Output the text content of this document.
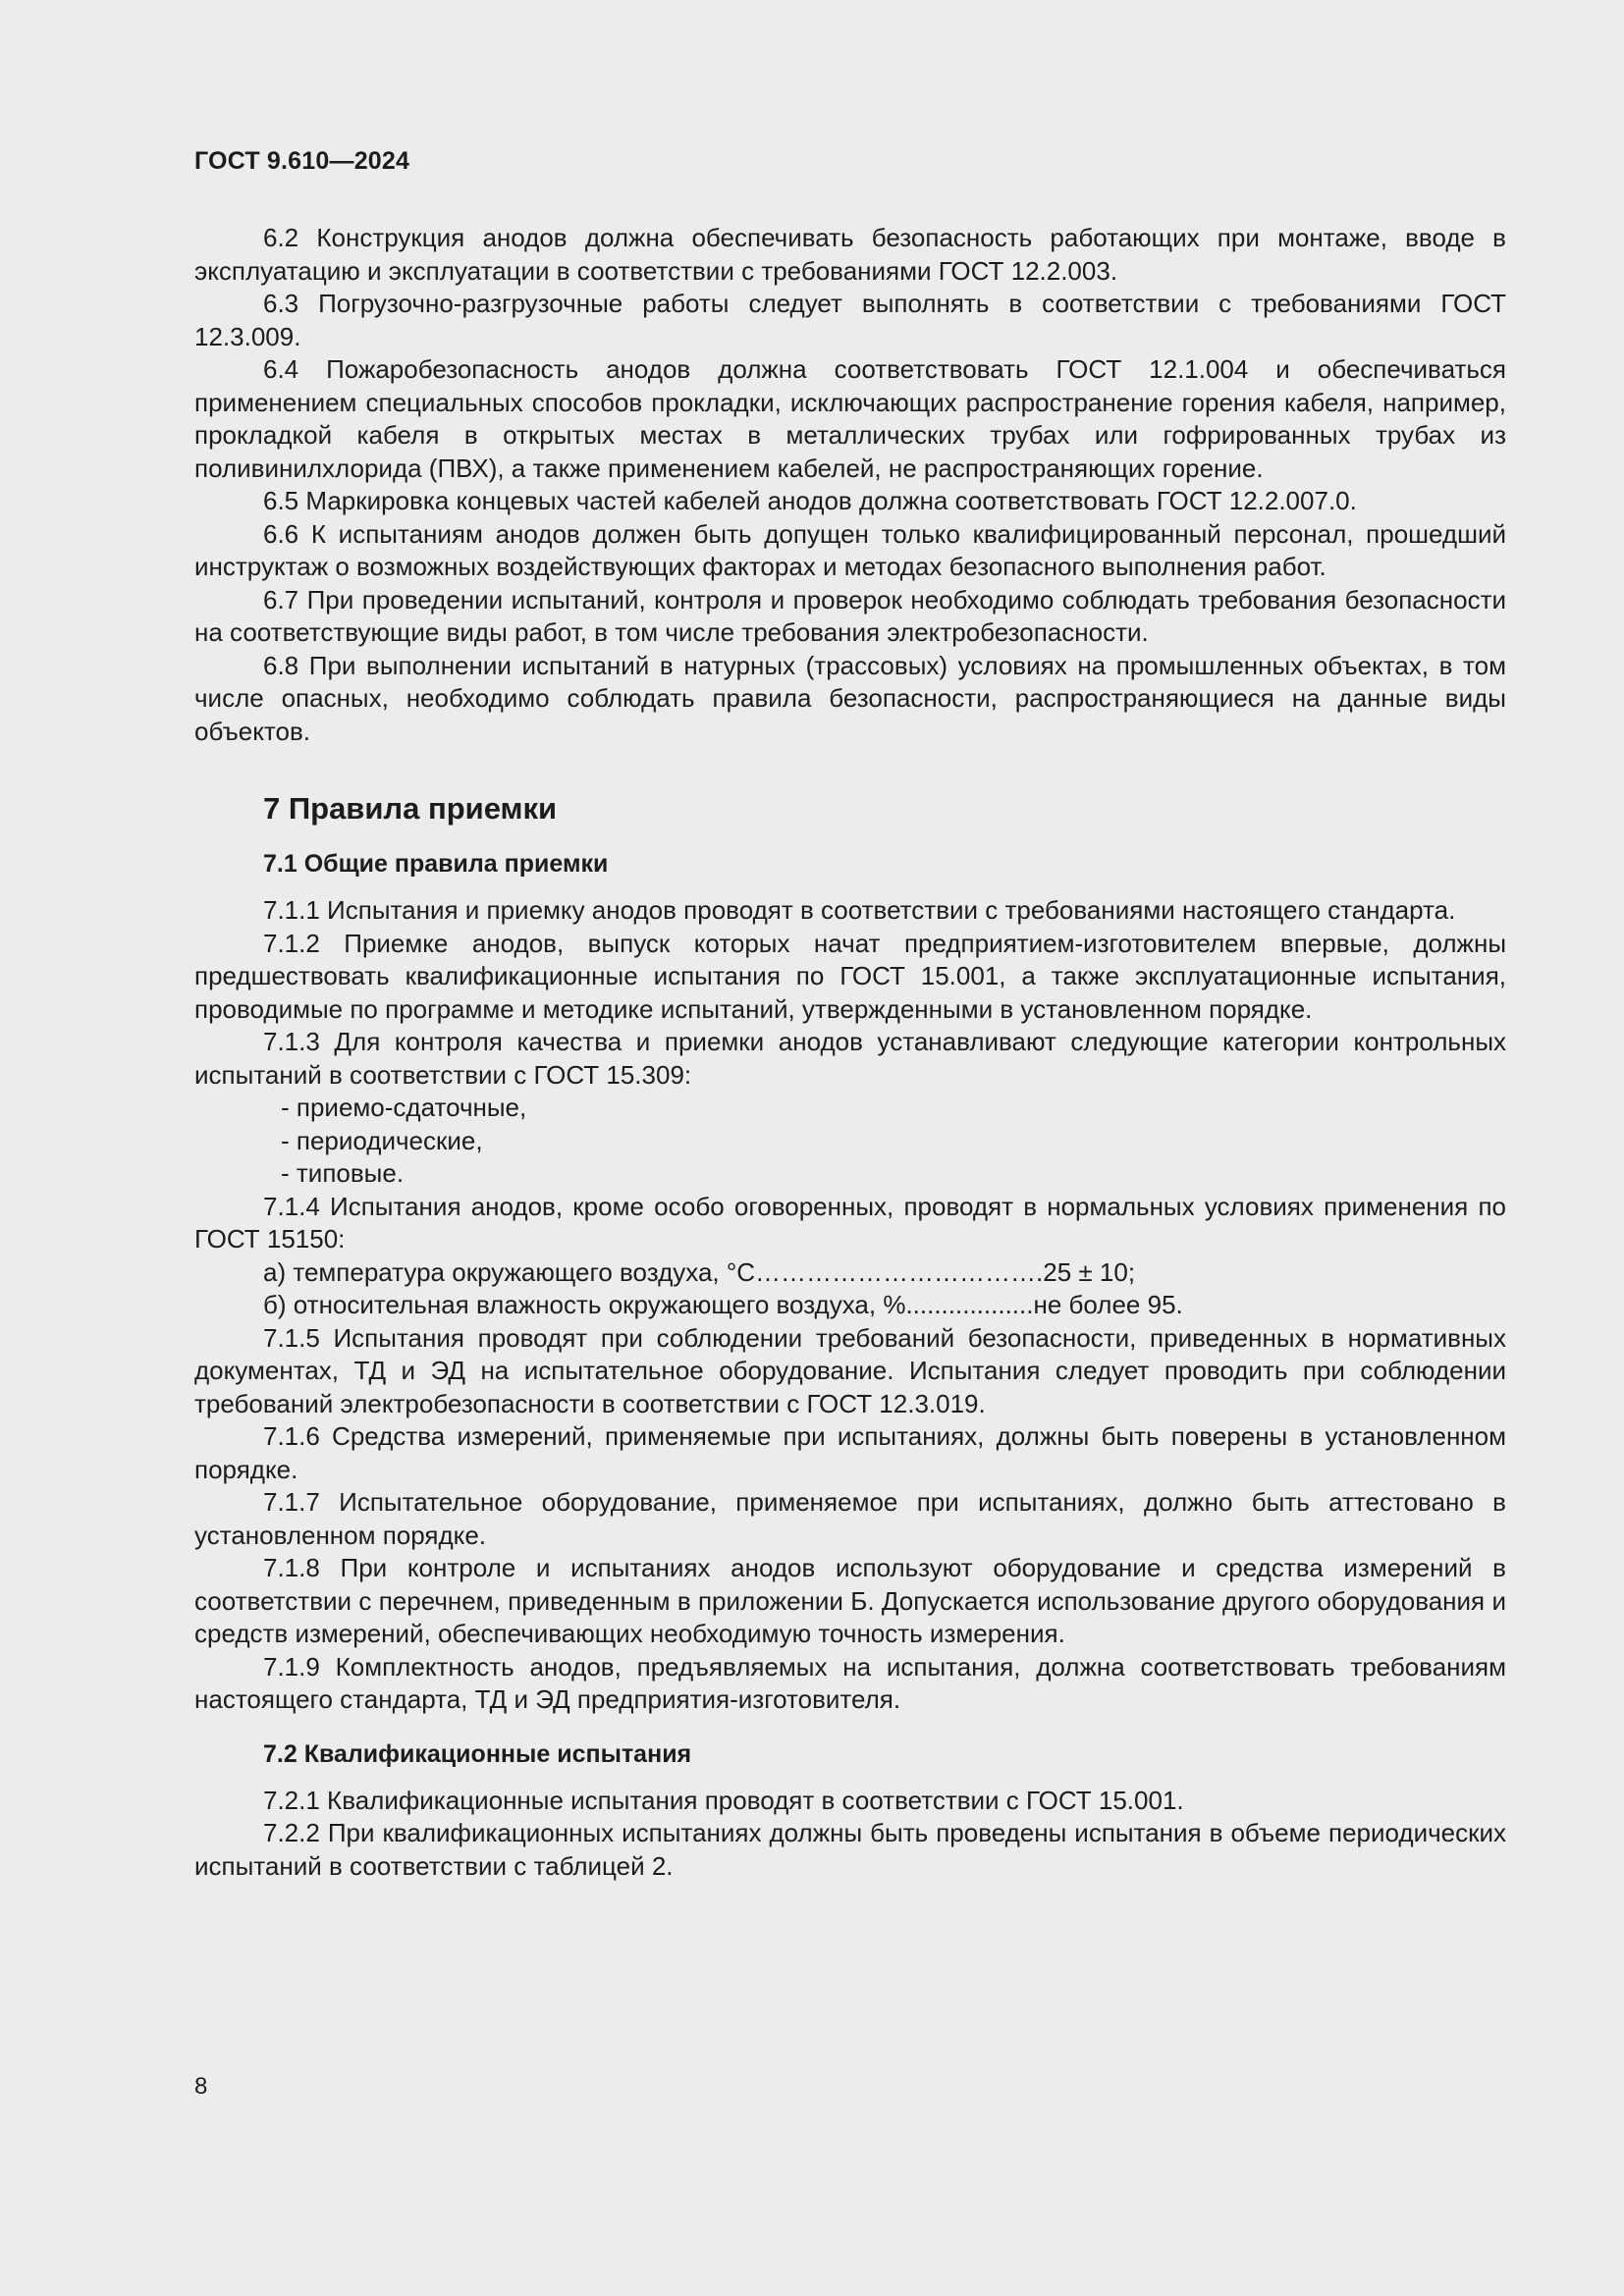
ГОСТ 9.610—2024

6.2 Конструкция анодов должна обеспечивать безопасность работающих при монтаже, вводе в эксплуатацию и эксплуатации в соответствии с требованиями ГОСТ 12.2.003.

6.3 Погрузочно-разгрузочные работы следует выполнять в соответствии с требованиями ГОСТ 12.3.009.

6.4 Пожаробезопасность анодов должна соответствовать ГОСТ 12.1.004 и обеспечиваться применением специальных способов прокладки, исключающих распространение горения кабеля, например, прокладкой кабеля в открытых местах в металлических трубах или гофрированных трубах из поливинилхлорида (ПВХ), а также применением кабелей, не распространяющих горение.

6.5 Маркировка концевых частей кабелей анодов должна соответствовать ГОСТ 12.2.007.0.

6.6 К испытаниям анодов должен быть допущен только квалифицированный персонал, прошедший инструктаж о возможных воздействующих факторах и методах безопасного выполнения работ.

6.7 При проведении испытаний, контроля и проверок необходимо соблюдать требования безопасности на соответствующие виды работ, в том числе требования электробезопасности.

6.8 При выполнении испытаний в натурных (трассовых) условиях на промышленных объектах, в том числе опасных, необходимо соблюдать правила безопасности, распространяющиеся на данные виды объектов.

7 Правила приемки
7.1 Общие правила приемки

7.1.1 Испытания и приемку анодов проводят в соответствии с требованиями настоящего стандарта.

7.1.2 Приемке анодов, выпуск которых начат предприятием-изготовителем впервые, должны предшествовать квалификационные испытания по ГОСТ 15.001, а также эксплуатационные испытания, проводимые по программе и методике испытаний, утвержденными в установленном порядке.

7.1.3 Для контроля качества и приемки анодов устанавливают следующие категории контрольных испытаний в соответствии с ГОСТ 15.309:

- приемо-сдаточные,

- периодические,

- типовые.

7.1.4 Испытания анодов, кроме особо оговоренных, проводят в нормальных условиях применения по ГОСТ 15150:

а) температура окружающего воздуха, °С…………………………….25 ± 10;

б) относительная влажность окружающего воздуха, %..................не более 95.

7.1.5 Испытания проводят при соблюдении требований безопасности, приведенных в нормативных документах, ТД и ЭД на испытательное оборудование. Испытания следует проводить при соблюдении требований электробезопасности в соответствии с ГОСТ 12.3.019.

7.1.6 Средства измерений, применяемые при испытаниях, должны быть поверены в установленном порядке.

7.1.7 Испытательное оборудование, применяемое при испытаниях, должно быть аттестовано в установленном порядке.

7.1.8 При контроле и испытаниях анодов используют оборудование и средства измерений в соответствии с перечнем, приведенным в приложении Б. Допускается использование другого оборудования и средств измерений, обеспечивающих необходимую точность измерения.

7.1.9 Комплектность анодов, предъявляемых на испытания, должна соответствовать требованиям настоящего стандарта, ТД и ЭД предприятия-изготовителя.

7.2 Квалификационные испытания

7.2.1 Квалификационные испытания проводят в соответствии с ГОСТ 15.001.

7.2.2 При квалификационных испытаниях должны быть проведены испытания в объеме периодических испытаний в соответствии с таблицей 2.

8
